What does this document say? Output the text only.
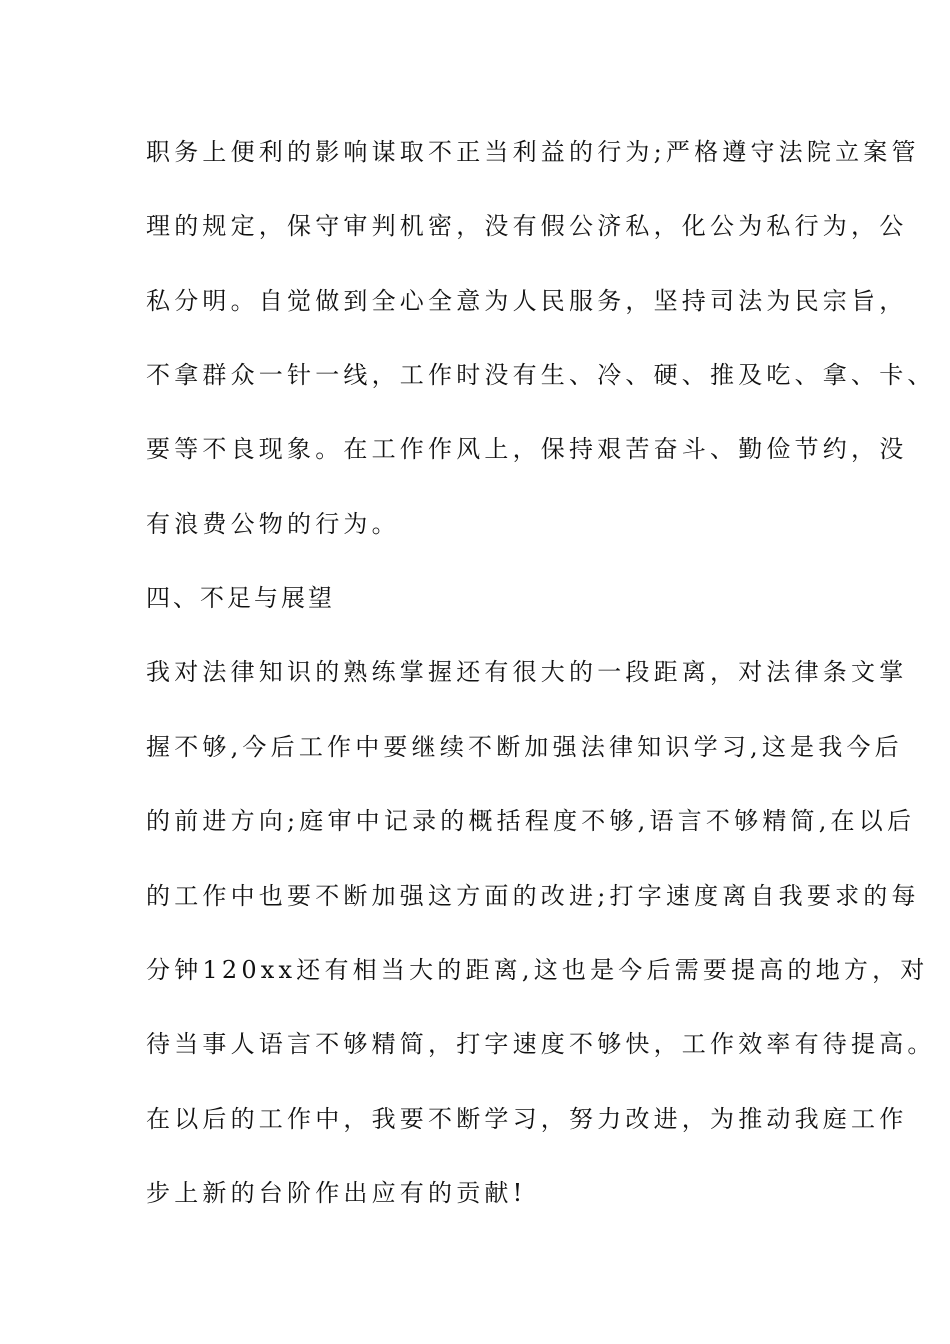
职务上便利的影响谋取不正当利益的行为;严格遵守法院立案管
理的规定，保守审判机密，没有假公济私，化公为私行为，公
私分明。自觉做到全心全意为人民服务，坚持司法为民宗旨，
不拿群众一针一线，工作时没有生、冷、硬、推及吃、拿、卡、
要等不良现象。在工作作风上，保持艰苦奋斗、勤俭节约，没
有浪费公物的行为。
四、不足与展望
我对法律知识的熟练掌握还有很大的一段距离，对法律条文掌
握不够,今后工作中要继续不断加强法律知识学习,这是我今后
的前进方向;庭审中记录的概括程度不够,语言不够精简,在以后
的工作中也要不断加强这方面的改进;打字速度离自我要求的每
分钟120xx还有相当大的距离,这也是今后需要提高的地方，对
待当事人语言不够精简，打字速度不够快，工作效率有待提高。
在以后的工作中，我要不断学习，努力改进，为推动我庭工作
步上新的台阶作出应有的贡献!
